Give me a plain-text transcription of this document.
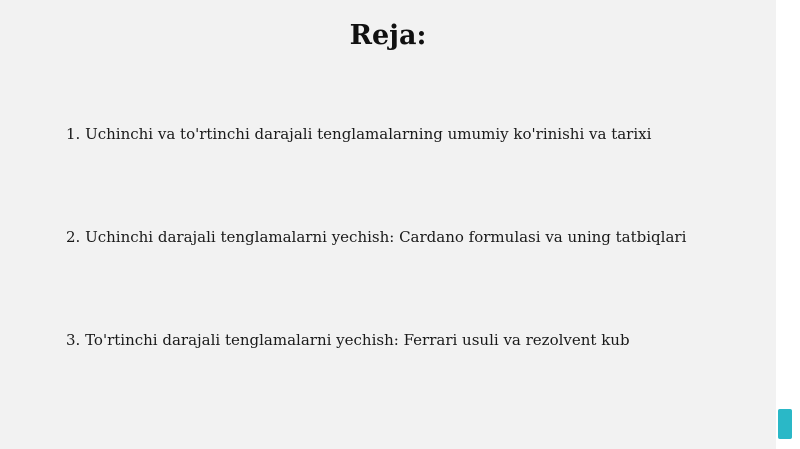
Reja:
1. Uchinchi va to'rtinchi darajali tenglamalarning umumiy ko'rinishi va tarixi
2. Uchinchi darajali tenglamalarni yechish: Cardano formulasi va uning tatbiqlari
3. To'rtinchi darajali tenglamalarni yechish: Ferrari usuli va rezolvent kub
